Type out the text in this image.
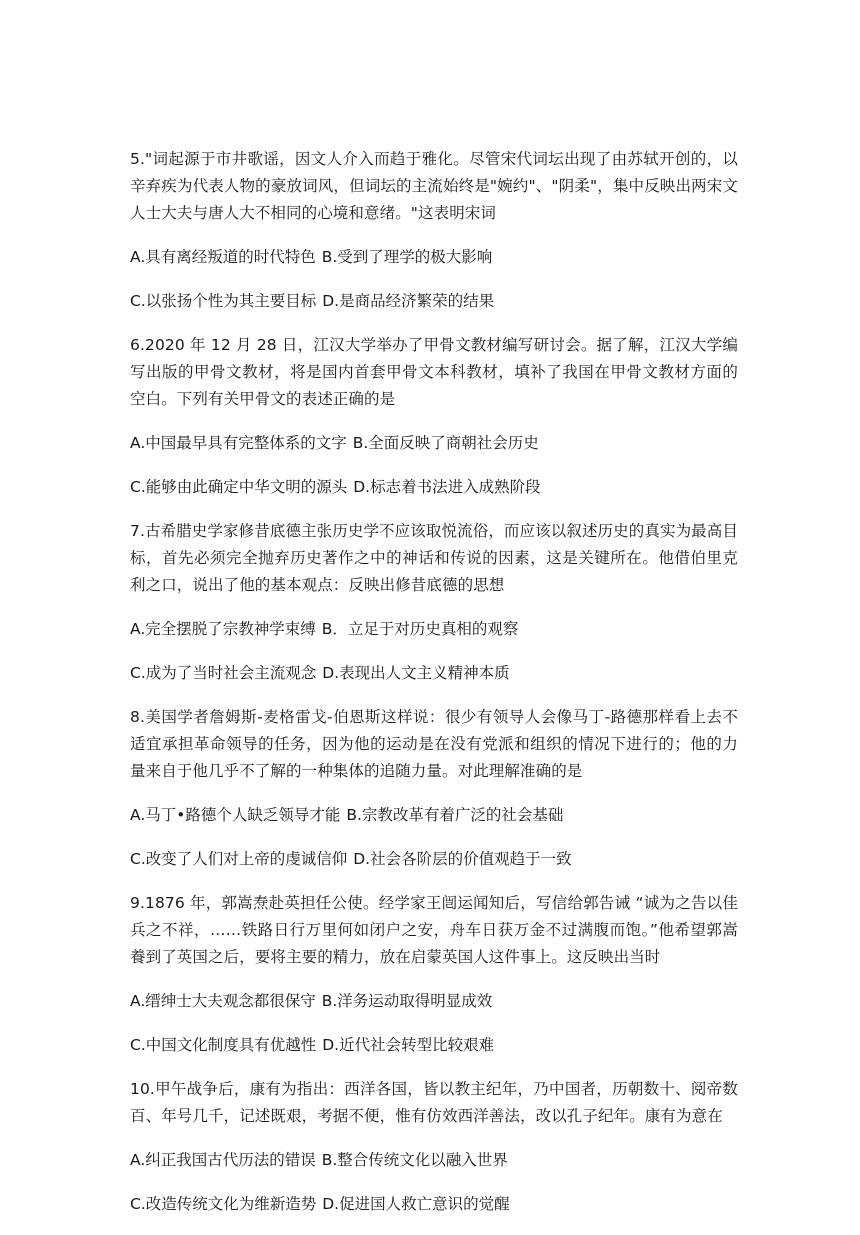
5."词起源于市井歌谣，因文人介入而趋于雅化。尽管宋代词坛出现了由苏轼开创的，以辛弃疾为代表人物的豪放词风，但词坛的主流始终是"婉约"、"阴柔"，集中反映出两宋文人士大夫与唐人大不相同的心境和意绪。"这表明宋词

A.具有离经叛道的时代特色 B.受到了理学的极大影响

C.以张扬个性为其主要目标 D.是商品经济繁荣的结果

6.2020 年 12 月 28 日，江汉大学举办了甲骨文教材编写研讨会。据了解，江汉大学编写出版的甲骨文教材，将是国内首套甲骨文本科教材，填补了我国在甲骨文教材方面的空白。下列有关甲骨文的表述正确的是

A.中国最早具有完整体系的文字 B.全面反映了商朝社会历史

C.能够由此确定中华文明的源头 D.标志着书法进入成熟阶段

7.古希腊史学家修昔底德主张历史学不应该取悦流俗，而应该以叙述历史的真实为最高目标，首先必须完全抛弃历史著作之中的神话和传说的因素，这是关键所在。他借伯里克利之口，说出了他的基本观点：反映出修昔底德的思想

A.完全摆脱了宗教神学束缚 B．立足于对历史真相的观察

C.成为了当时社会主流观念 D.表现出人文主义精神本质

8.美国学者詹姆斯-麦格雷戈-伯恩斯这样说：很少有领导人会像马丁-路德那样看上去不适宜承担革命领导的任务，因为他的运动是在没有党派和组织的情况下进行的；他的力量来自于他几乎不了解的一种集体的追随力量。对此理解准确的是

A.马丁•路德个人缺乏领导才能 B.宗教改革有着广泛的社会基础

C.改变了人们对上帝的虔诚信仰 D.社会各阶层的价值观趋于一致

9.1876 年，郭嵩焘赴英担任公使。经学家王闿运闻知后，写信给郭告诫 “诚为之告以佳兵之不祥，……铁路日行万里何如闭户之安，舟车日获万金不过满腹而饱。”他希望郭嵩養到了英国之后，要将主要的精力，放在启蒙英国人这件事上。这反映出当时

A.缙绅士大夫观念都很保守 B.洋务运动取得明显成效

C.中国文化制度具有优越性 D.近代社会转型比较艰难

10.甲午战争后，康有为指出：西洋各国，皆以教主纪年，乃中国者，历朝数十、阅帝数百、年号几千，记述既艰，考据不便，惟有仿效西洋善法，改以孔子纪年。康有为意在

A.纠正我国古代历法的错误 B.整合传统文化以融入世界

C.改造传统文化为维新造势 D.促进国人救亡意识的觉醒
